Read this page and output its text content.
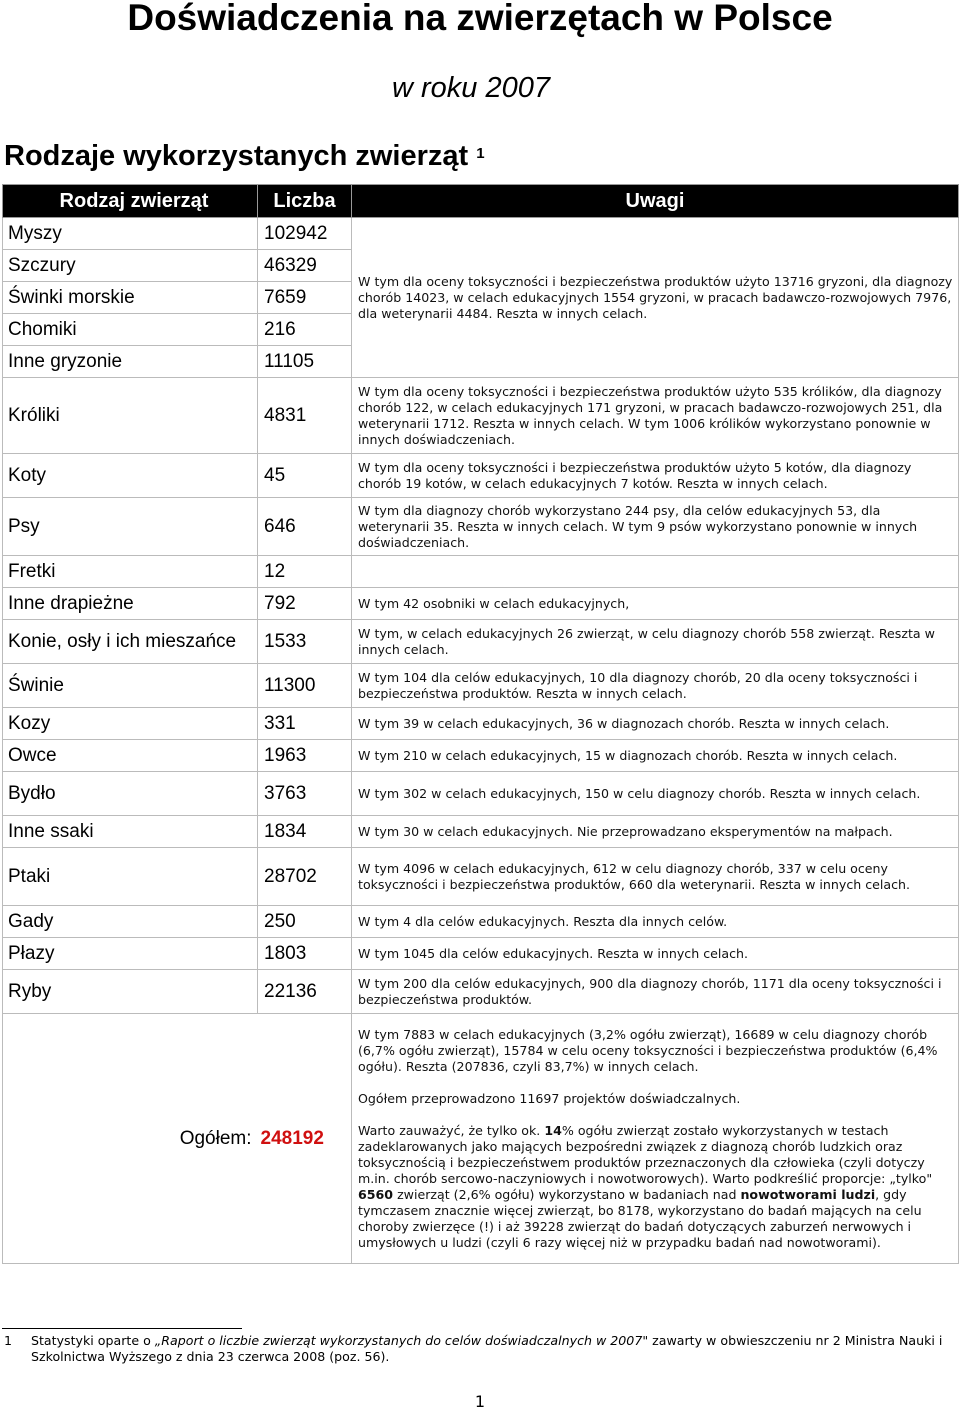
Doświadczenia na zwierzętach w Polsce
w roku 2007
Rodzaje wykorzystanych zwierząt $^1$
Rodzaj zwierząt	Liczba	Uwagi
Myszy	102942	W tym dla oceny toksyczności i bezpieczeństwa produktów użyto 13716 gryzoni, dla diagnozy chorób 14023, w celach edukacyjnych 1554 gryzoni, w pracach badawczo-rozwojowych 7976, dla weterynarii 4484. Reszta w innych celach.
Szczury	46329	
Świnki morskie	7659	
Chomiki	216	
Inne gryzonie	11105	
Króliki	4831	W tym dla oceny toksyczności i bezpieczeństwa produktów użyto 535 królików, dla diagnozy chorób 122, w celach edukacyjnych 171 gryzoni, w pracach badawczo-rozwojowych 251, dla weterynarii 1712. Reszta w innych celach. W tym 1006 królików wykorzystano ponownie w innych doświadczeniach.
Koty	45	W tym dla oceny toksyczności i bezpieczeństwa produktów użyto 5 kotów, dla diagnozy chorób 19 kotów, w celach edukacyjnych 7 kotów. Reszta w innych celach.
Psy	646	W tym dla diagnozy chorób wykorzystano 244 psy, dla celów edukacyjnych 53, dla weterynarii 35. Reszta w innych celach. W tym 9 psów wykorzystano ponownie w innych doświadczeniach.
Fretki	12	
Inne drapieżne	792	W tym 42 osobniki w celach edukacyjnych,
Konie, osły i ich mieszańce	1533	W tym, w celach edukacyjnych 26 zwierząt, w celu diagnozy chorób 558 zwierząt. Reszta w innych celach.
Świnie	11300	W tym 104 dla celów edukacyjnych, 10 dla diagnozy chorób, 20 dla oceny toksyczności i bezpieczeństwa produktów. Reszta w innych celach.
Kozy	331	W tym 39 w celach edukacyjnych, 36 w diagnozach chorób. Reszta w innych celach.
Owce	1963	W tym 210 w celach edukacyjnych, 15 w diagnozach chorób. Reszta w innych celach.
Bydło	3763	W tym 302 w celach edukacyjnych, 150 w celu diagnozy chorób. Reszta w innych celach.
Inne ssaki	1834	W tym 30 w celach edukacyjnych. Nie przeprowadzano eksperymentów na małpach.
Ptaki	28702	W tym 4096 w celach edukacyjnych, 612 w celu diagnozy chorób, 337 w celu oceny toksyczności i bezpieczeństwa produktów, 660 dla weterynarii. Reszta w innych celach.
Gady	250	W tym 4 dla celów edukacyjnych. Reszta dla innych celów.
Płazy	1803	W tym 1045 dla celów edukacyjnych. Reszta w innych celach.
Ryby	22136	W tym 200 dla celów edukacyjnych, 900 dla diagnozy chorób, 1171 dla oceny toksyczności i bezpieczeństwa produktów.
Ogółem:	248192	W tym 7883 w celach edukacyjnych (3,2% ogółu zwierząt), 16689 w celu diagnozy chorób (6,7% ogółu zwierząt), 15784 w celu oceny toksyczności i bezpieczeństwa produktów (6,4% ogółu). Reszta (207836, czyli 83,7%) w innych celach.

Ogółem przeprowadzono 11697 projektów doświadczalnych.

Warto zauważyć, że tylko ok. 14% ogółu zwierząt zostało wykorzystanych w testach zadeklarowanych jako mających bezpośredni związek z diagnozą chorób ludzkich oraz toksycznością i bezpieczeństwem produktów przeznaczonych dla człowieka (czyli dotyczy m.in. chorób sercowo-naczyniowych i nowotworowych). Warto podkreślić proporcje: „tylko" 6560 zwierząt (2,6% ogółu) wykorzystano w badaniach nad nowotworami ludzi, gdy tymczasem znacznie więcej zwierząt, bo 8178, wykorzystano do badań mających na celu choroby zwierzęce (!) i aż 39228 zwierząt do badań dotyczących zaburzeń nerwowych i umysłowych u ludzi (czyli 6 razy więcej niż w przypadku badań nad nowotworami).

1 Statystyki oparte o „Raport o liczbie zwierząt wykorzystanych do celów doświadczalnych w 2007" zawarty w obwieszczeniu nr 2 Ministra Nauki i Szkolnictwa Wyższego z dnia 23 czerwca 2008 (poz. 56).
1
